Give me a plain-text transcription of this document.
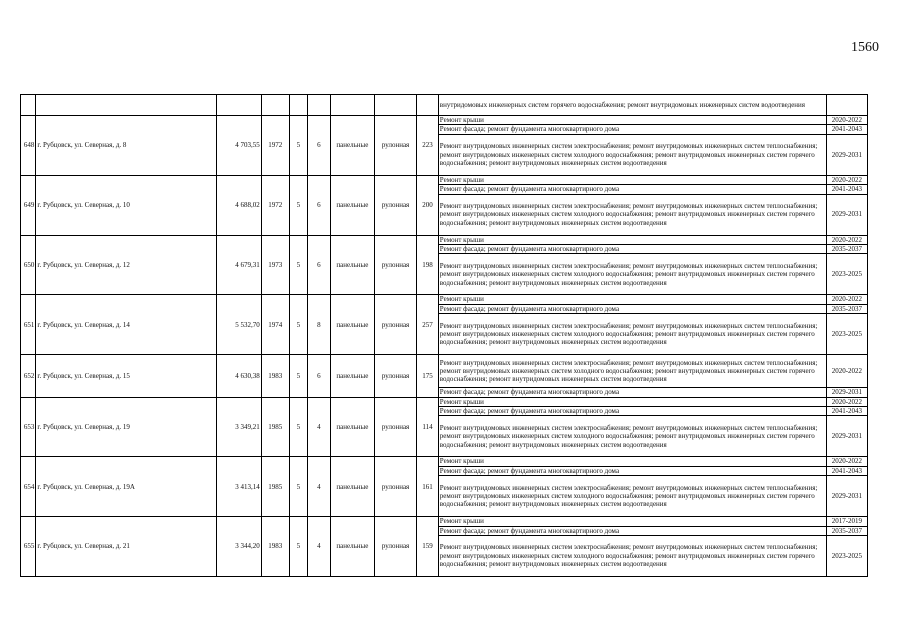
1560
									внутридомовых инженерных систем горячего водоснабжения; ремонт внутридомовых инженерных систем водоотведения	
648	г. Рубцовск, ул. Северная, д. 8	4 703,55	1972	5	6	панельные	рулонная	223	Ремонт крыши	2020-2022
									Ремонт фасада; ремонт фундамента многоквартирного дома	2041-2043
									Ремонт внутридомовых инженерных систем электроснабжения; ремонт внутридомовых инженерных систем теплоснабжения; ремонт внутридомовых инженерных систем холодного водоснабжения; ремонт внутридомовых инженерных систем горячего водоснабжения; ремонт внутридомовых инженерных систем водоотведения	2029-2031
649	г. Рубцовск, ул. Северная, д. 10	4 688,02	1972	5	6	панельные	рулонная	200	Ремонт крыши	2020-2022
									Ремонт фасада; ремонт фундамента многоквартирного дома	2041-2043
									Ремонт внутридомовых инженерных систем электроснабжения; ремонт внутридомовых инженерных систем теплоснабжения; ремонт внутридомовых инженерных систем холодного водоснабжения; ремонт внутридомовых инженерных систем горячего водоснабжения; ремонт внутридомовых инженерных систем водоотведения	2029-2031
650	г. Рубцовск, ул. Северная, д. 12	4 679,31	1973	5	6	панельные	рулонная	198	Ремонт крыши	2020-2022
									Ремонт фасада; ремонт фундамента многоквартирного дома	2035-2037
									Ремонт внутридомовых инженерных систем электроснабжения; ремонт внутридомовых инженерных систем теплоснабжения; ремонт внутридомовых инженерных систем холодного водоснабжения; ремонт внутридомовых инженерных систем горячего водоснабжения; ремонт внутридомовых инженерных систем водоотведения	2023-2025
651	г. Рубцовск, ул. Северная, д. 14	5 532,70	1974	5	8	панельные	рулонная	257	Ремонт крыши	2020-2022
									Ремонт фасада; ремонт фундамента многоквартирного дома	2035-2037
									Ремонт внутридомовых инженерных систем электроснабжения; ремонт внутридомовых инженерных систем теплоснабжения; ремонт внутридомовых инженерных систем холодного водоснабжения; ремонт внутридомовых инженерных систем горячего водоснабжения; ремонт внутридомовых инженерных систем водоотведения	2023-2025
652	г. Рубцовск, ул. Северная, д. 15	4 630,38	1983	5	6	панельные	рулонная	175	Ремонт внутридомовых инженерных систем электроснабжения; ремонт внутридомовых инженерных систем теплоснабжения; ремонт внутридомовых инженерных систем холодного водоснабжения; ремонт внутридомовых инженерных систем горячего водоснабжения; ремонт внутридомовых инженерных систем водоотведения	2020-2022
									Ремонт фасада; ремонт фундамента многоквартирного дома	2029-2031
653	г. Рубцовск, ул. Северная, д. 19	3 349,21	1985	5	4	панельные	рулонная	114	Ремонт крыши	2020-2022
									Ремонт фасада; ремонт фундамента многоквартирного дома	2041-2043
									Ремонт внутридомовых инженерных систем электроснабжения; ремонт внутридомовых инженерных систем теплоснабжения; ремонт внутридомовых инженерных систем холодного водоснабжения; ремонт внутридомовых инженерных систем горячего водоснабжения; ремонт внутридомовых инженерных систем водоотведения	2029-2031
654	г. Рубцовск, ул. Северная, д. 19А	3 413,14	1985	5	4	панельные	рулонная	161	Ремонт крыши	2020-2022
									Ремонт фасада; ремонт фундамента многоквартирного дома	2041-2043
									Ремонт внутридомовых инженерных систем электроснабжения; ремонт внутридомовых инженерных систем теплоснабжения; ремонт внутридомовых инженерных систем холодного водоснабжения; ремонт внутридомовых инженерных систем горячего водоснабжения; ремонт внутридомовых инженерных систем водоотведения	2029-2031
655	г. Рубцовск, ул. Северная, д. 21	3 344,20	1983	5	4	панельные	рулонная	159	Ремонт крыши	2017-2019
									Ремонт фасада; ремонт фундамента многоквартирного дома	2035-2037
									Ремонт внутридомовых инженерных систем электроснабжения; ремонт внутридомовых инженерных систем теплоснабжения; ремонт внутридомовых инженерных систем холодного водоснабжения; ремонт внутридомовых инженерных систем горячего водоснабжения; ремонт внутридомовых инженерных систем водоотведения	2023-2025
